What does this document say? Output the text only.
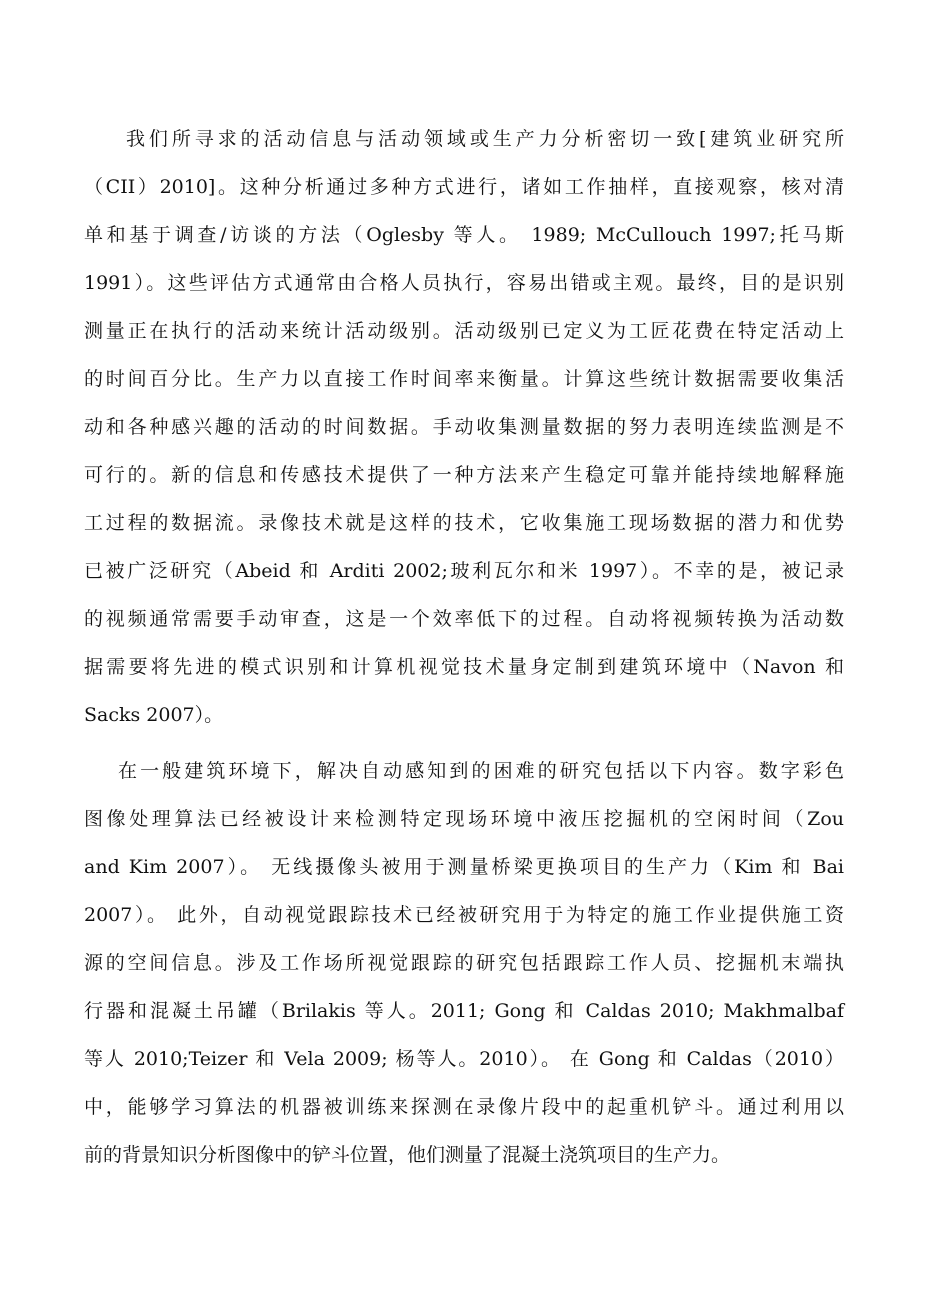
我们所寻求的活动信息与活动领域或生产力分析密切一致[建筑业研究所
（CII）2010]。这种分析通过多种方式进行，诸如工作抽样，直接观察，核对清
单和基于调查/访谈的方法（Oglesby 等人。 1989; McCullouch 1997;托马斯
1991）。这些评估方式通常由合格人员执行，容易出错或主观。最终，目的是识别
测量正在执行的活动来统计活动级别。活动级别已定义为工匠花费在特定活动上
的时间百分比。生产力以直接工作时间率来衡量。计算这些统计数据需要收集活
动和各种感兴趣的活动的时间数据。手动收集测量数据的努力表明连续监测是不
可行的。新的信息和传感技术提供了一种方法来产生稳定可靠并能持续地解释施
工过程的数据流。录像技术就是这样的技术，它收集施工现场数据的潜力和优势
已被广泛研究（Abeid 和 Arditi 2002;玻利瓦尔和米 1997）。不幸的是，被记录
的视频通常需要手动审查，这是一个效率低下的过程。自动将视频转换为活动数
据需要将先进的模式识别和计算机视觉技术量身定制到建筑环境中（Navon 和
Sacks 2007）。
在一般建筑环境下，解决自动感知到的困难的研究包括以下内容。数字彩色
图像处理算法已经被设计来检测特定现场环境中液压挖掘机的空闲时间（Zou
and Kim 2007）。 无线摄像头被用于测量桥梁更换项目的生产力（Kim 和 Bai
2007）。 此外，自动视觉跟踪技术已经被研究用于为特定的施工作业提供施工资
源的空间信息。涉及工作场所视觉跟踪的研究包括跟踪工作人员、挖掘机末端执
行器和混凝土吊罐（Brilakis 等人。2011; Gong 和 Caldas 2010; Makhmalbaf
等人 2010;Teizer 和 Vela 2009; 杨等人。2010）。 在 Gong 和 Caldas（2010）
中，能够学习算法的机器被训练来探测在录像片段中的起重机铲斗。通过利用以
前的背景知识分析图像中的铲斗位置，他们测量了混凝土浇筑项目的生产力。
